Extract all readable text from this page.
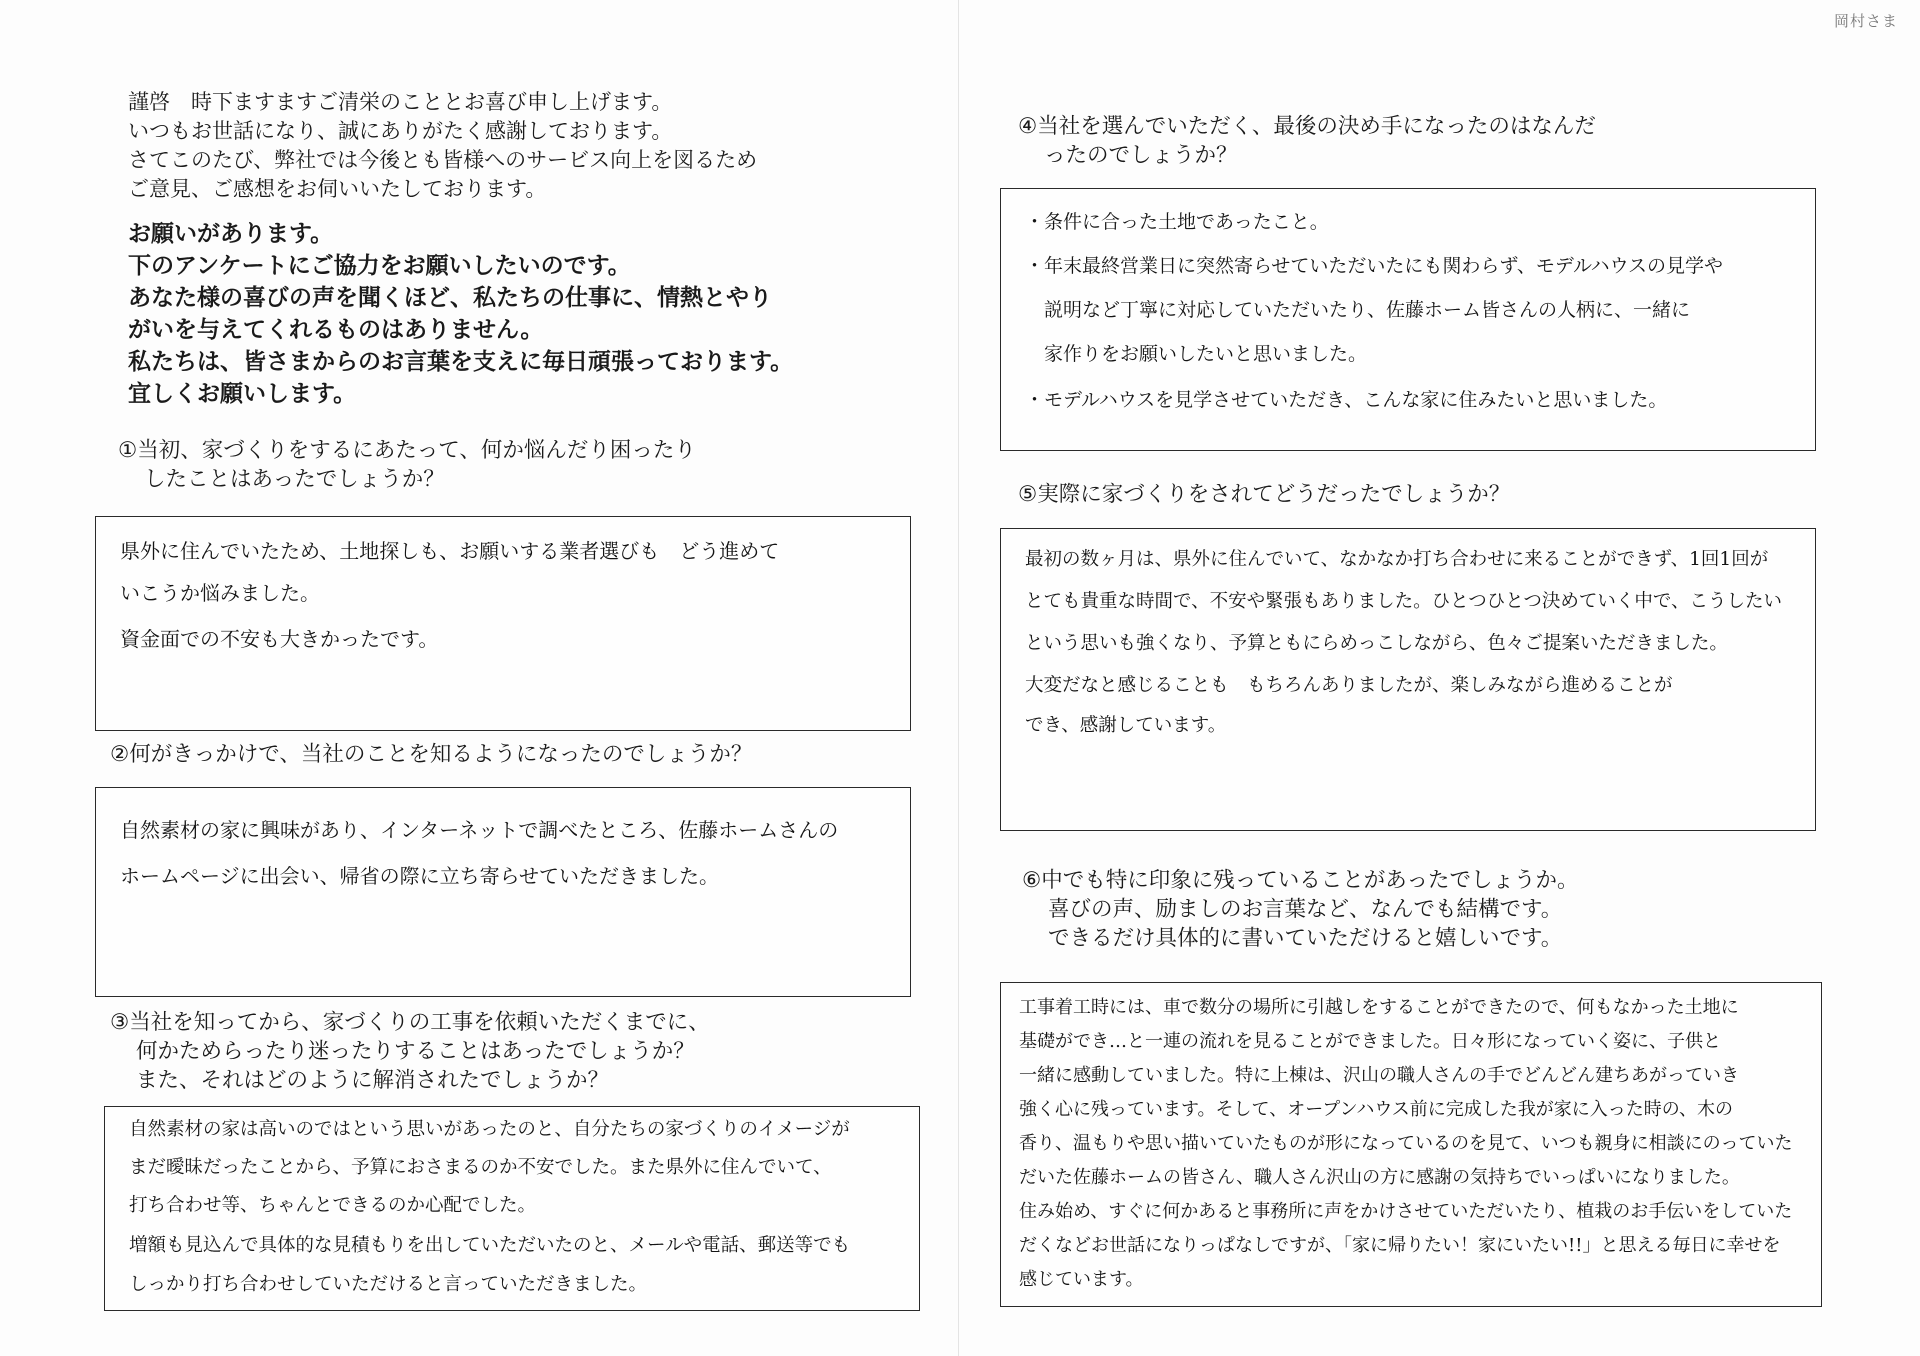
岡村さま
謹啓　時下ますますご清栄のこととお喜び申し上げます。
いつもお世話になり、誠にありがたく感謝しております。
さてこのたび、弊社では今後とも皆様へのサービス向上を図るため
ご意見、ご感想をお伺いいたしております。
お願いがあります。
下のアンケートにご協力をお願いしたいのです。
あなた様の喜びの声を聞くほど、私たちの仕事に、情熱とやり
がいを与えてくれるものはありません。
私たちは、皆さまからのお言葉を支えに毎日頑張っております。
宜しくお願いします。
①当初、家づくりをするにあたって、何か悩んだり困ったり
したことはあったでしょうか？
県外に住んでいたため、土地探しも、お願いする業者選びも　どう進めて
いこうか悩みました。
資金面での不安も大きかったです。
②何がきっかけで、当社のことを知るようになったのでしょうか？
自然素材の家に興味があり、インターネットで調べたところ、佐藤ホームさんの
ホームページに出会い、帰省の際に立ち寄らせていただきました。
③当社を知ってから、家づくりの工事を依頼いただくまでに、
何かためらったり迷ったりすることはあったでしょうか？
また、それはどのように解消されたでしょうか？
自然素材の家は高いのではという思いがあったのと、自分たちの家づくりのイメージが
まだ曖昧だったことから、予算におさまるのか不安でした。また県外に住んでいて、
打ち合わせ等、ちゃんとできるのか心配でした。
増額も見込んで具体的な見積もりを出していただいたのと、メールや電話、郵送等でも
しっかり打ち合わせしていただけると言っていただきました。
④当社を選んでいただく、最後の決め手になったのはなんだ
ったのでしょうか？
・条件に合った土地であったこと。
・年末最終営業日に突然寄らせていただいたにも関わらず、モデルハウスの見学や
　説明など丁寧に対応していただいたり、佐藤ホーム皆さんの人柄に、一緒に
　家作りをお願いしたいと思いました。
・モデルハウスを見学させていただき、こんな家に住みたいと思いました。
⑤実際に家づくりをされてどうだったでしょうか？
最初の数ヶ月は、県外に住んでいて、なかなか打ち合わせに来ることができず、1回1回が
とても貴重な時間で、不安や緊張もありました。ひとつひとつ決めていく中で、こうしたい
という思いも強くなり、予算ともにらめっこしながら、色々ご提案いただきました。
大変だなと感じることも　もちろんありましたが、楽しみながら進めることが
でき、感謝しています。
⑥中でも特に印象に残っていることがあったでしょうか。
喜びの声、励ましのお言葉など、なんでも結構です。
できるだけ具体的に書いていただけると嬉しいです。
工事着工時には、車で数分の場所に引越しをすることができたので、何もなかった土地に
基礎ができ…と一連の流れを見ることができました。日々形になっていく姿に、子供と
一緒に感動していました。特に上棟は、沢山の職人さんの手でどんどん建ちあがっていき
強く心に残っています。そして、オープンハウス前に完成した我が家に入った時の、木の
香り、温もりや思い描いていたものが形になっているのを見て、いつも親身に相談にのっていた
だいた佐藤ホームの皆さん、職人さん沢山の方に感謝の気持ちでいっぱいになりました。
住み始め、すぐに何かあると事務所に声をかけさせていただいたり、植栽のお手伝いをしていた
だくなどお世話になりっぱなしですが、「家に帰りたい！家にいたい!!」と思える毎日に幸せを
感じています。
